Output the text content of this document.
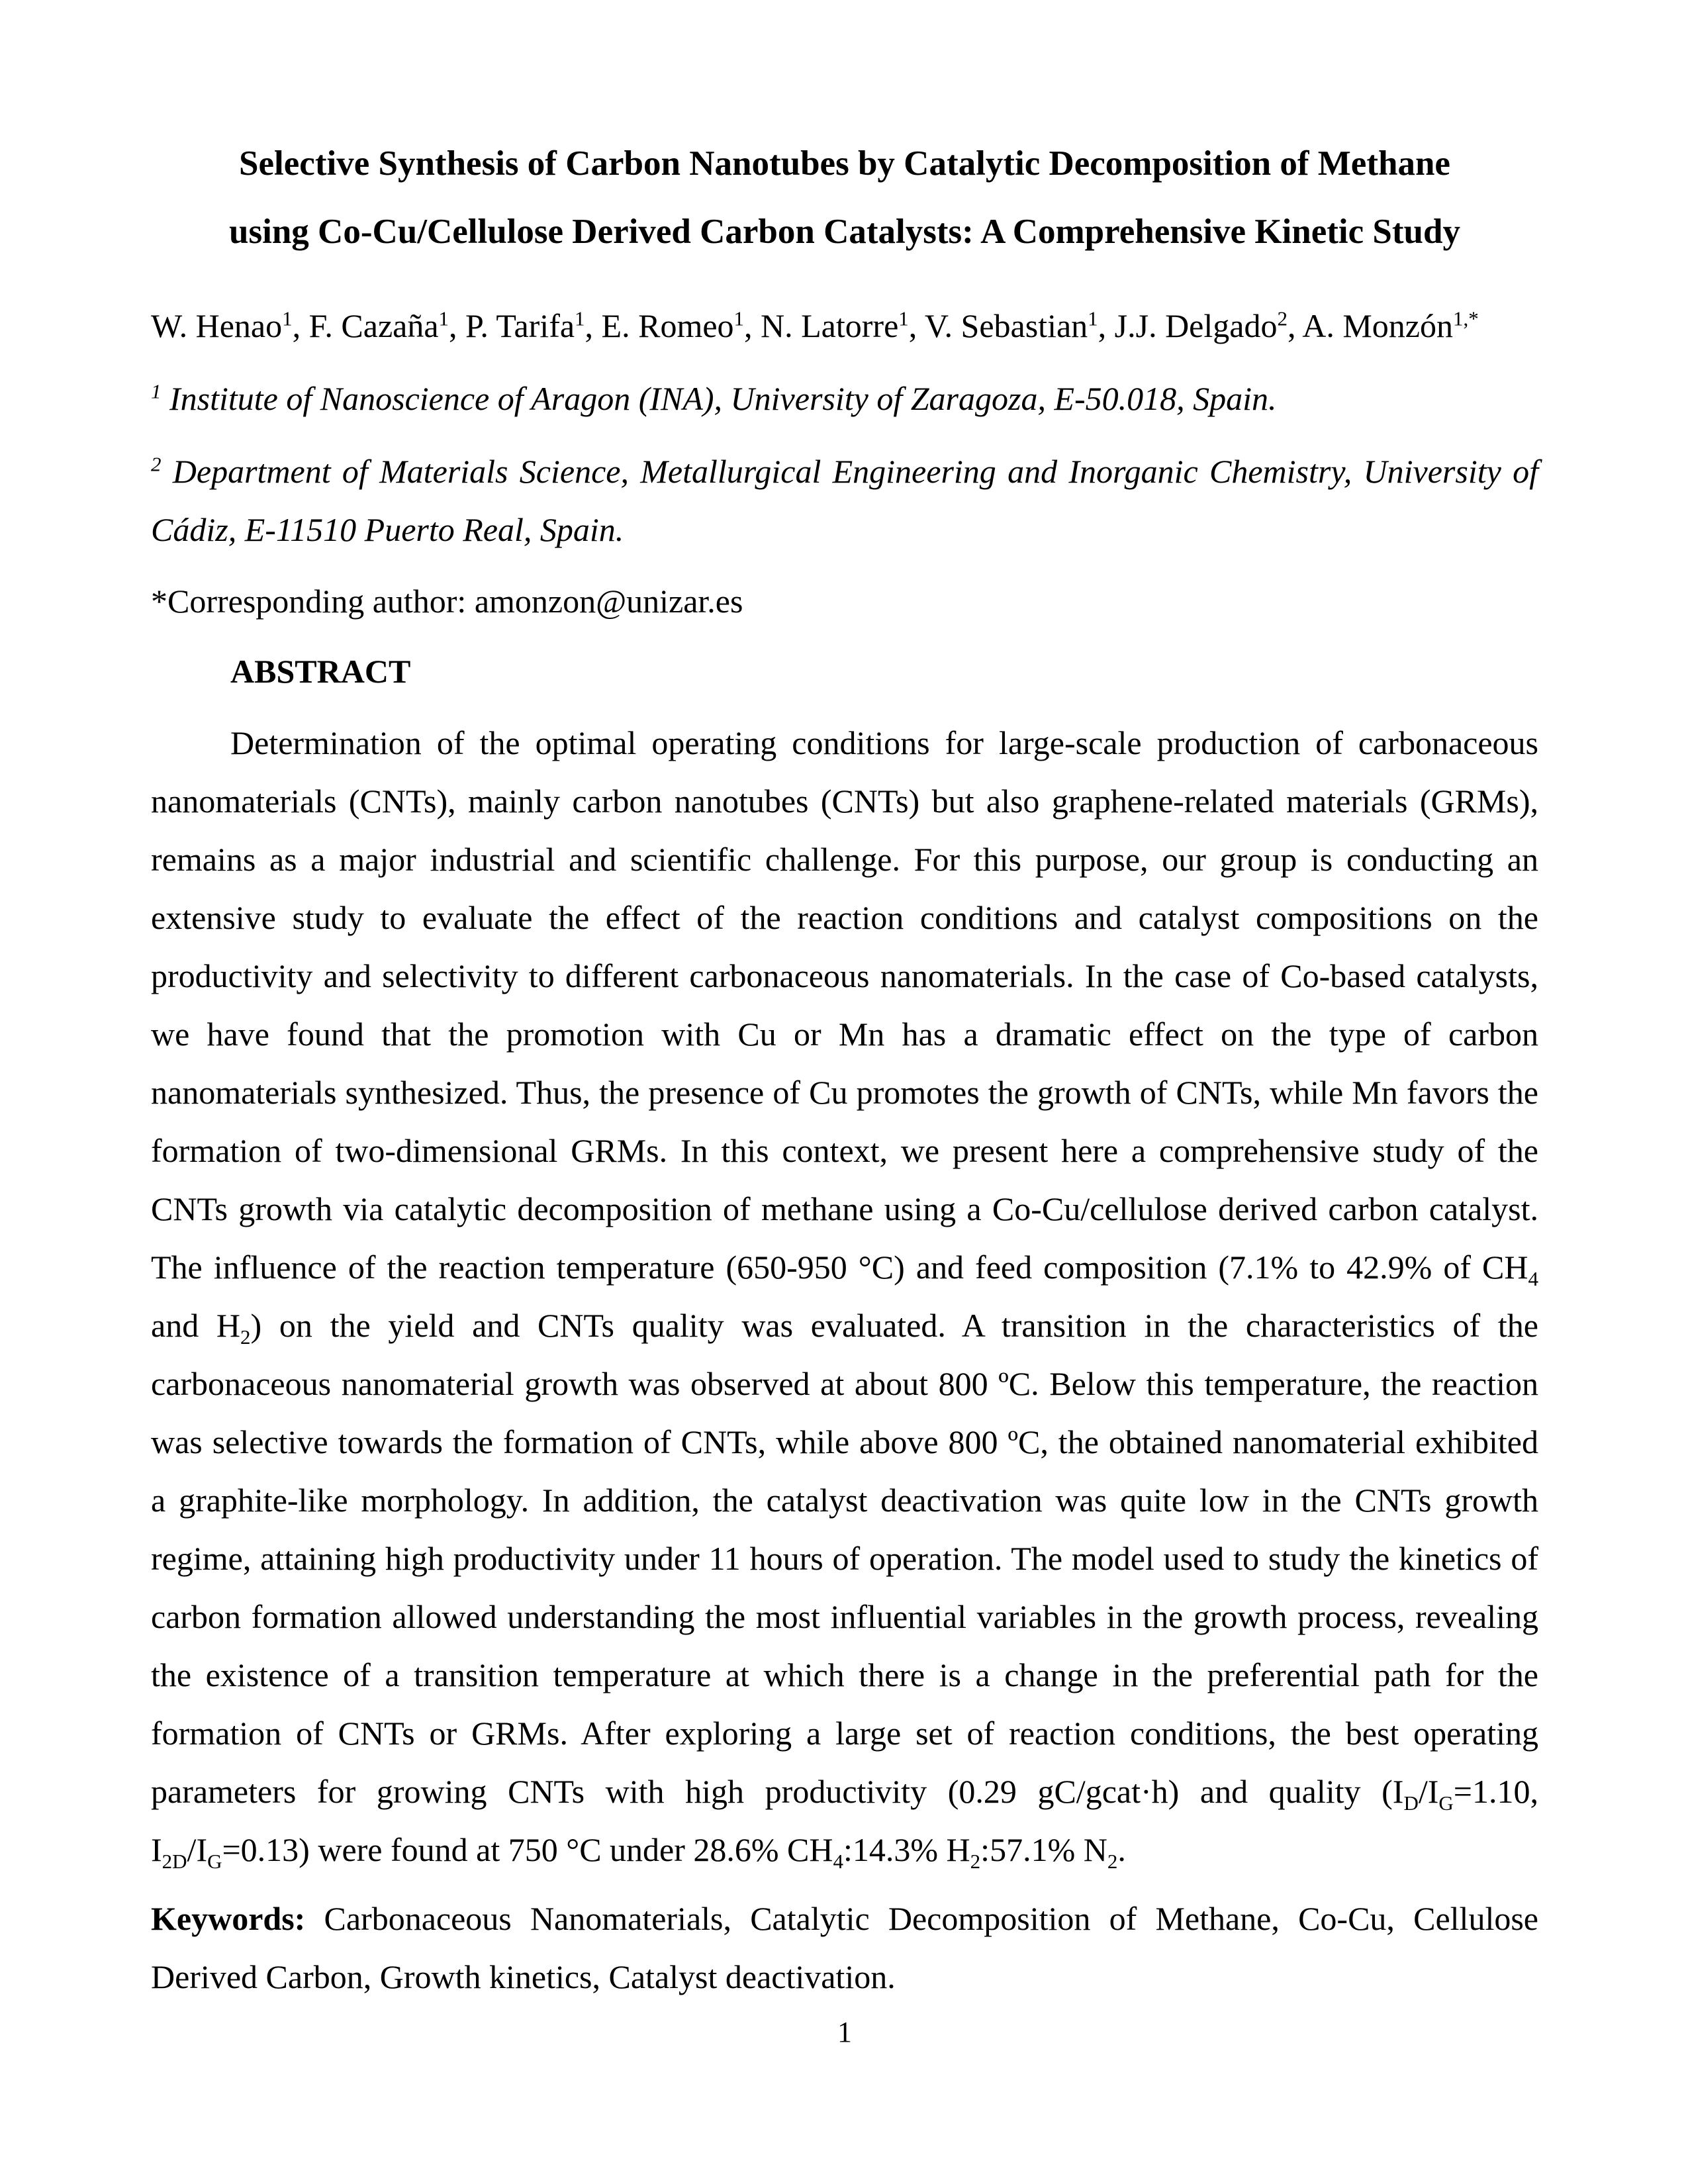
Selective Synthesis of Carbon Nanotubes by Catalytic Decomposition of Methane
using Co-Cu/Cellulose Derived Carbon Catalysts: A Comprehensive Kinetic Study
W. Henao$^1$, F. Cazaña$^1$, P. Tarifa$^1$, E. Romeo$^1$, N. Latorre$^1$, V. Sebastian$^1$, J.J. Delgado$^2$, A. Monzón$^{1,*}$
$^1$ Institute of Nanoscience of Aragon (INA), University of Zaragoza, E-50.018, Spain.
$^2$ Department of Materials Science, Metallurgical Engineering and Inorganic Chemistry, University of Cádiz, E-11510 Puerto Real, Spain.
*Corresponding author: amonzon@unizar.es
ABSTRACT
Determination of the optimal operating conditions for large-scale production of carbonaceous nanomaterials (CNTs), mainly carbon nanotubes (CNTs) but also graphene-related materials (GRMs), remains as a major industrial and scientific challenge. For this purpose, our group is conducting an extensive study to evaluate the effect of the reaction conditions and catalyst compositions on the productivity and selectivity to different carbonaceous nanomaterials. In the case of Co-based catalysts, we have found that the promotion with Cu or Mn has a dramatic effect on the type of carbon nanomaterials synthesized. Thus, the presence of Cu promotes the growth of CNTs, while Mn favors the formation of two-dimensional GRMs. In this context, we present here a comprehensive study of the CNTs growth via catalytic decomposition of methane using a Co-Cu/cellulose derived carbon catalyst. The influence of the reaction temperature (650-950 °C) and feed composition (7.1% to 42.9% of $CH_4$ and $H_2$) on the yield and CNTs quality was evaluated. A transition in the characteristics of the carbonaceous nanomaterial growth was observed at about 800 ºC. Below this temperature, the reaction was selective towards the formation of CNTs, while above 800 ºC, the obtained nanomaterial exhibited a graphite-like morphology. In addition, the catalyst deactivation was quite low in the CNTs growth regime, attaining high productivity under 11 hours of operation. The model used to study the kinetics of carbon formation allowed understanding the most influential variables in the growth process, revealing the existence of a transition temperature at which there is a change in the preferential path for the formation of CNTs or GRMs. After exploring a large set of reaction conditions, the best operating parameters for growing CNTs with high productivity (0.29 gC/gcat·h) and quality ($I_D/I_G=1.10$, $I_{2D}/I_G=0.13$) were found at 750 °C under 28.6% $CH_4:14.3\%$ $H_2:57.1\%$ $N_2$.
Keywords: Carbonaceous Nanomaterials, Catalytic Decomposition of Methane, Co-Cu, Cellulose Derived Carbon, Growth kinetics, Catalyst deactivation.
1
